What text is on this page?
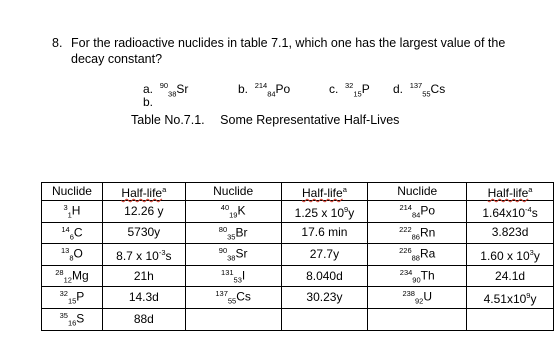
8. For the radioactive nuclides in table 7.1, which one has the largest value of the decay constant?
a. $^{90}_{38}$Sr	b. $^{214}_{84}$Po	c. $^{32}_{15}$P d. $^{137}_{55}$Cs
b.
Table No.7.1. Some Representative Half-Lives
Nuclide	Half-life$^a$	Nuclide	Half-life$^a$	Nuclide	Half-life$^a$
$^3_1$H	12.26 y	$^{40}_{19}$K	1.25 x $10^9y$	$^{214}_{84}$Po	$1.64x10^{-4}s$
$^{14}_6$C	5730y	$^{80}_{35}$Br	17.6 min	$^{222}_{86}$Rn	3.823d
$^{13}_8$O	8.7 x $10^{-3}s$	$^{90}_{38}$Sr	27.7y	$^{226}_{88}$Ra	1.60 x $10^3y$
$^{28}_{12}$Mg	21h	$^{131}_{53}$I	8.040d	$^{234}_{90}$Th	24.1d
$^{32}_{15}$P	14.3d	$^{137}_{55}$Cs	30.23y	$^{238}_{92}$U	$4.51x10^9y$
$^{35}_{16}$S	88d				
